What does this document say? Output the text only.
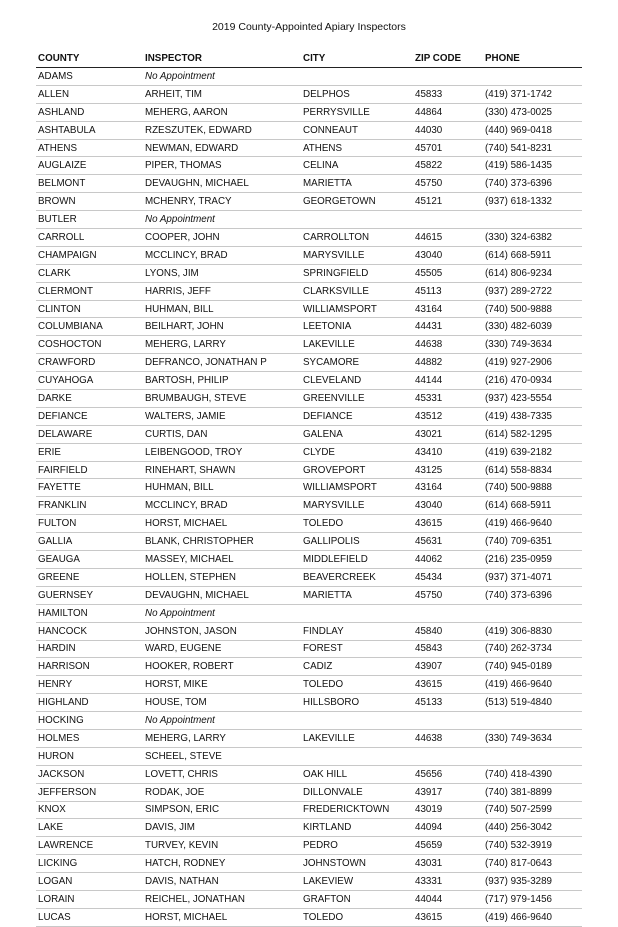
2019 County-Appointed Apiary Inspectors
COUNTY	INSPECTOR	CITY	ZIP CODE	PHONE
ADAMS	No Appointment			
ALLEN	ARHEIT, TIM	DELPHOS	45833	(419) 371-1742
ASHLAND	MEHERG, AARON	PERRYSVILLE	44864	(330) 473-0025
ASHTABULA	RZESZUTEK, EDWARD	CONNEAUT	44030	(440) 969-0418
ATHENS	NEWMAN, EDWARD	ATHENS	45701	(740) 541-8231
AUGLAIZE	PIPER, THOMAS	CELINA	45822	(419) 586-1435
BELMONT	DEVAUGHN, MICHAEL	MARIETTA	45750	(740) 373-6396
BROWN	MCHENRY, TRACY	GEORGETOWN	45121	(937) 618-1332
BUTLER	No Appointment			
CARROLL	COOPER, JOHN	CARROLLTON	44615	(330) 324-6382
CHAMPAIGN	MCCLINCY, BRAD	MARYSVILLE	43040	(614) 668-5911
CLARK	LYONS, JIM	SPRINGFIELD	45505	(614) 806-9234
CLERMONT	HARRIS, JEFF	CLARKSVILLE	45113	(937) 289-2722
CLINTON	HUHMAN, BILL	WILLIAMSPORT	43164	(740) 500-9888
COLUMBIANA	BEILHART, JOHN	LEETONIA	44431	(330) 482-6039
COSHOCTON	MEHERG, LARRY	LAKEVILLE	44638	(330) 749-3634
CRAWFORD	DEFRANCO, JONATHAN P	SYCAMORE	44882	(419) 927-2906
CUYAHOGA	BARTOSH, PHILIP	CLEVELAND	44144	(216) 470-0934
DARKE	BRUMBAUGH, STEVE	GREENVILLE	45331	(937) 423-5554
DEFIANCE	WALTERS, JAMIE	DEFIANCE	43512	(419) 438-7335
DELAWARE	CURTIS, DAN	GALENA	43021	(614) 582-1295
ERIE	LEIBENGOOD, TROY	CLYDE	43410	(419) 639-2182
FAIRFIELD	RINEHART, SHAWN	GROVEPORT	43125	(614) 558-8834
FAYETTE	HUHMAN, BILL	WILLIAMSPORT	43164	(740) 500-9888
FRANKLIN	MCCLINCY, BRAD	MARYSVILLE	43040	(614) 668-5911
FULTON	HORST, MICHAEL	TOLEDO	43615	(419) 466-9640
GALLIA	BLANK, CHRISTOPHER	GALLIPOLIS	45631	(740) 709-6351
GEAUGA	MASSEY, MICHAEL	MIDDLEFIELD	44062	(216) 235-0959
GREENE	HOLLEN, STEPHEN	BEAVERCREEK	45434	(937) 371-4071
GUERNSEY	DEVAUGHN, MICHAEL	MARIETTA	45750	(740) 373-6396
HAMILTON	No Appointment			
HANCOCK	JOHNSTON, JASON	FINDLAY	45840	(419) 306-8830
HARDIN	WARD, EUGENE	FOREST	45843	(740) 262-3734
HARRISON	HOOKER, ROBERT	CADIZ	43907	(740) 945-0189
HENRY	HORST, MIKE	TOLEDO	43615	(419) 466-9640
HIGHLAND	HOUSE, TOM	HILLSBORO	45133	(513) 519-4840
HOCKING	No Appointment			
HOLMES	MEHERG, LARRY	LAKEVILLE	44638	(330) 749-3634
HURON	SCHEEL, STEVE			
JACKSON	LOVETT, CHRIS	OAK HILL	45656	(740) 418-4390
JEFFERSON	RODAK, JOE	DILLONVALE	43917	(740) 381-8899
KNOX	SIMPSON, ERIC	FREDERICKTOWN	43019	(740) 507-2599
LAKE	DAVIS, JIM	KIRTLAND	44094	(440) 256-3042
LAWRENCE	TURVEY, KEVIN	PEDRO	45659	(740) 532-3919
LICKING	HATCH, RODNEY	JOHNSTOWN	43031	(740) 817-0643
LOGAN	DAVIS, NATHAN	LAKEVIEW	43331	(937) 935-3289
LORAIN	REICHEL, JONATHAN	GRAFTON	44044	(717) 979-1456
LUCAS	HORST, MICHAEL	TOLEDO	43615	(419) 466-9640
